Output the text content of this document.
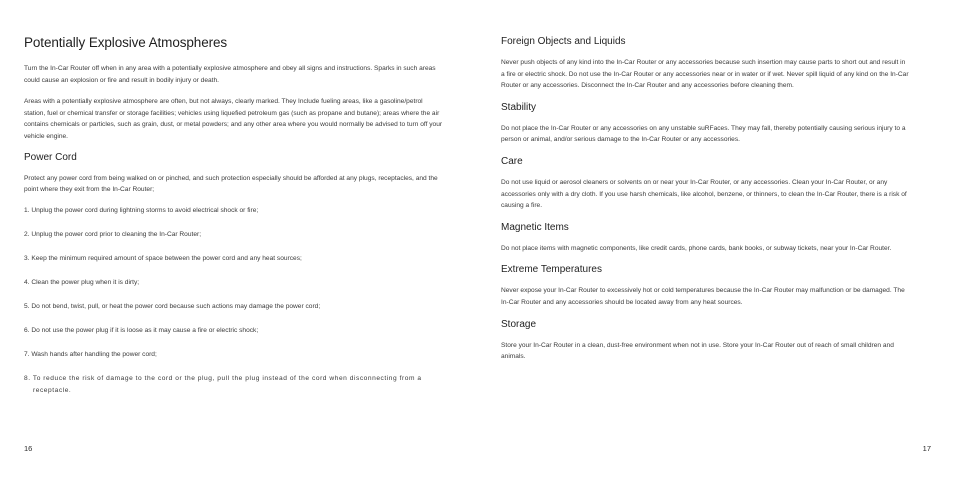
Potentially Explosive Atmospheres

Turn the In-Car Router off when in any area with a potentially explosive atmosphere and obey all signs and instructions. Sparks in such areas could cause an explosion or fire and result in bodily injury or death.

Areas with a potentially explosive atmosphere are often, but not always, clearly marked. They Include fueling areas, like a gasoline/petrol station, fuel or chemical transfer or storage facilities; vehicles using liquefied petroleum gas (such as propane and butane); areas where the air contains chemicals or particles, such as grain, dust, or metal powders; and any other area where you would normally be advised to turn off your vehicle engine.

Power Cord

Protect any power cord from being walked on or pinched, and such protection especially should be afforded at any plugs, receptacles, and the point where they exit from the In-Car Router;

1. Unplug the power cord during lightning storms to avoid electrical shock or fire;
2. Unplug the power cord prior to cleaning the In-Car Router;
3. Keep the minimum required amount of space between the power cord and any heat sources;
4. Clean the power plug when it is dirty;
5. Do not bend, twist, pull, or heat the power cord because such actions may damage the power cord;
6. Do not use the power plug if it is loose as it may cause a fire or electric shock;
7. Wash hands after handling the power cord;
8. To reduce the risk of damage to the cord or the plug, pull the plug instead of the cord when disconnecting from a receptacle.
16
Foreign Objects and Liquids

Never push objects of any kind into the In-Car Router or any accessories because such insertion may cause parts to short out and result in a fire or electric shock. Do not use the In-Car Router or any accessories near or in water or if wet. Never spill liquid of any kind on the In-Car Router or any accessories. Disconnect the In-Car Router and any accessories before cleaning them.

Stability

Do not place the In-Car Router or any accessories on any unstable suRFaces. They may fall, thereby potentially causing serious injury to a person or animal, and/or serious damage to the In-Car Router or any accessories.

Care

Do not use liquid or aerosol cleaners or solvents on or near your In-Car Router, or any accessories. Clean your In-Car Router, or any accessories only with a dry cloth. If you use harsh chemicals, like alcohol, benzene, or thinners, to clean the In-Car Router, there is a risk of causing a fire.

Magnetic Items

Do not place items with magnetic components, like credit cards, phone cards, bank books, or subway tickets, near your In-Car Router.

Extreme Temperatures

Never expose your In-Car Router to excessively hot or cold temperatures because the In-Car Router may malfunction or be damaged. The In-Car Router and any accessories should be located away from any heat sources.

Storage

Store your In-Car Router in a clean, dust-free environment when not in use. Store your In-Car Router out of reach of small children and animals.

17
